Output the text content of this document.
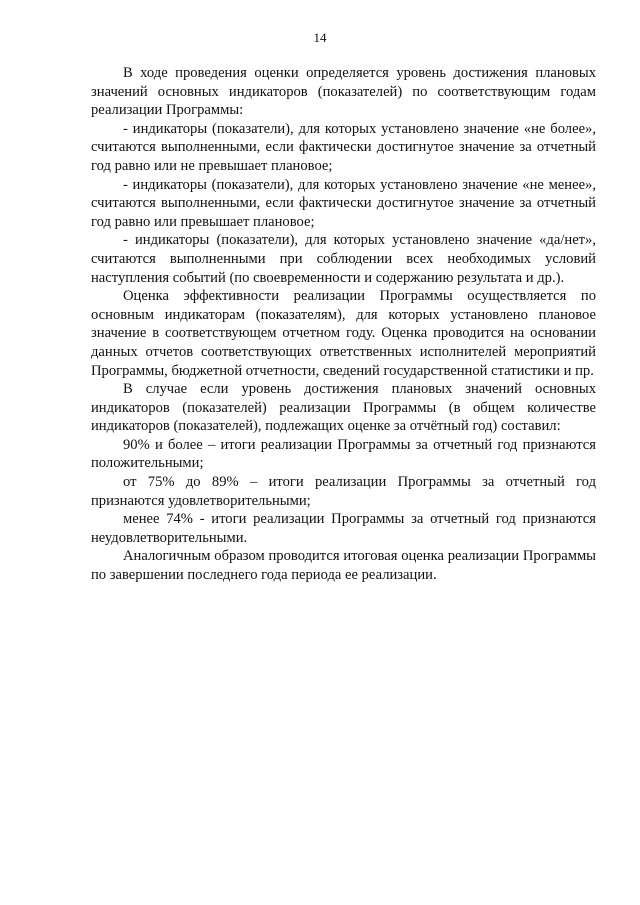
14

В ходе проведения оценки определяется уровень достижения плановых значений основных индикаторов (показателей) по соответствующим годам реализации Программы:

- индикаторы (показатели), для которых установлено значение «не более», считаются выполненными, если фактически достигнутое значение за отчетный год равно или не превышает плановое;

- индикаторы (показатели), для которых установлено значение «не менее», считаются выполненными, если фактически достигнутое значение за отчетный год равно или превышает плановое;

- индикаторы (показатели), для которых установлено значение «да/нет», считаются выполненными при соблюдении всех необходимых условий наступления событий (по своевременности и содержанию результата и др.).

Оценка эффективности реализации Программы осуществляется по основным индикаторам (показателям), для которых установлено плановое значение в соответствующем отчетном году. Оценка проводится на основании данных отчетов соответствующих ответственных исполнителей мероприятий Программы, бюджетной отчетности, сведений государственной статистики и пр.

В случае если уровень достижения плановых значений основных индикаторов (показателей) реализации Программы (в общем количестве индикаторов (показателей), подлежащих оценке за отчётный год) составил:

90% и более – итоги реализации Программы за отчетный год признаются положительными;

от 75% до 89% – итоги реализации Программы за отчетный год признаются удовлетворительными;

менее 74% - итоги реализации Программы за отчетный год признаются неудовлетворительными.

Аналогичным образом проводится итоговая оценка реализации Программы по завершении последнего года периода ее реализации.
